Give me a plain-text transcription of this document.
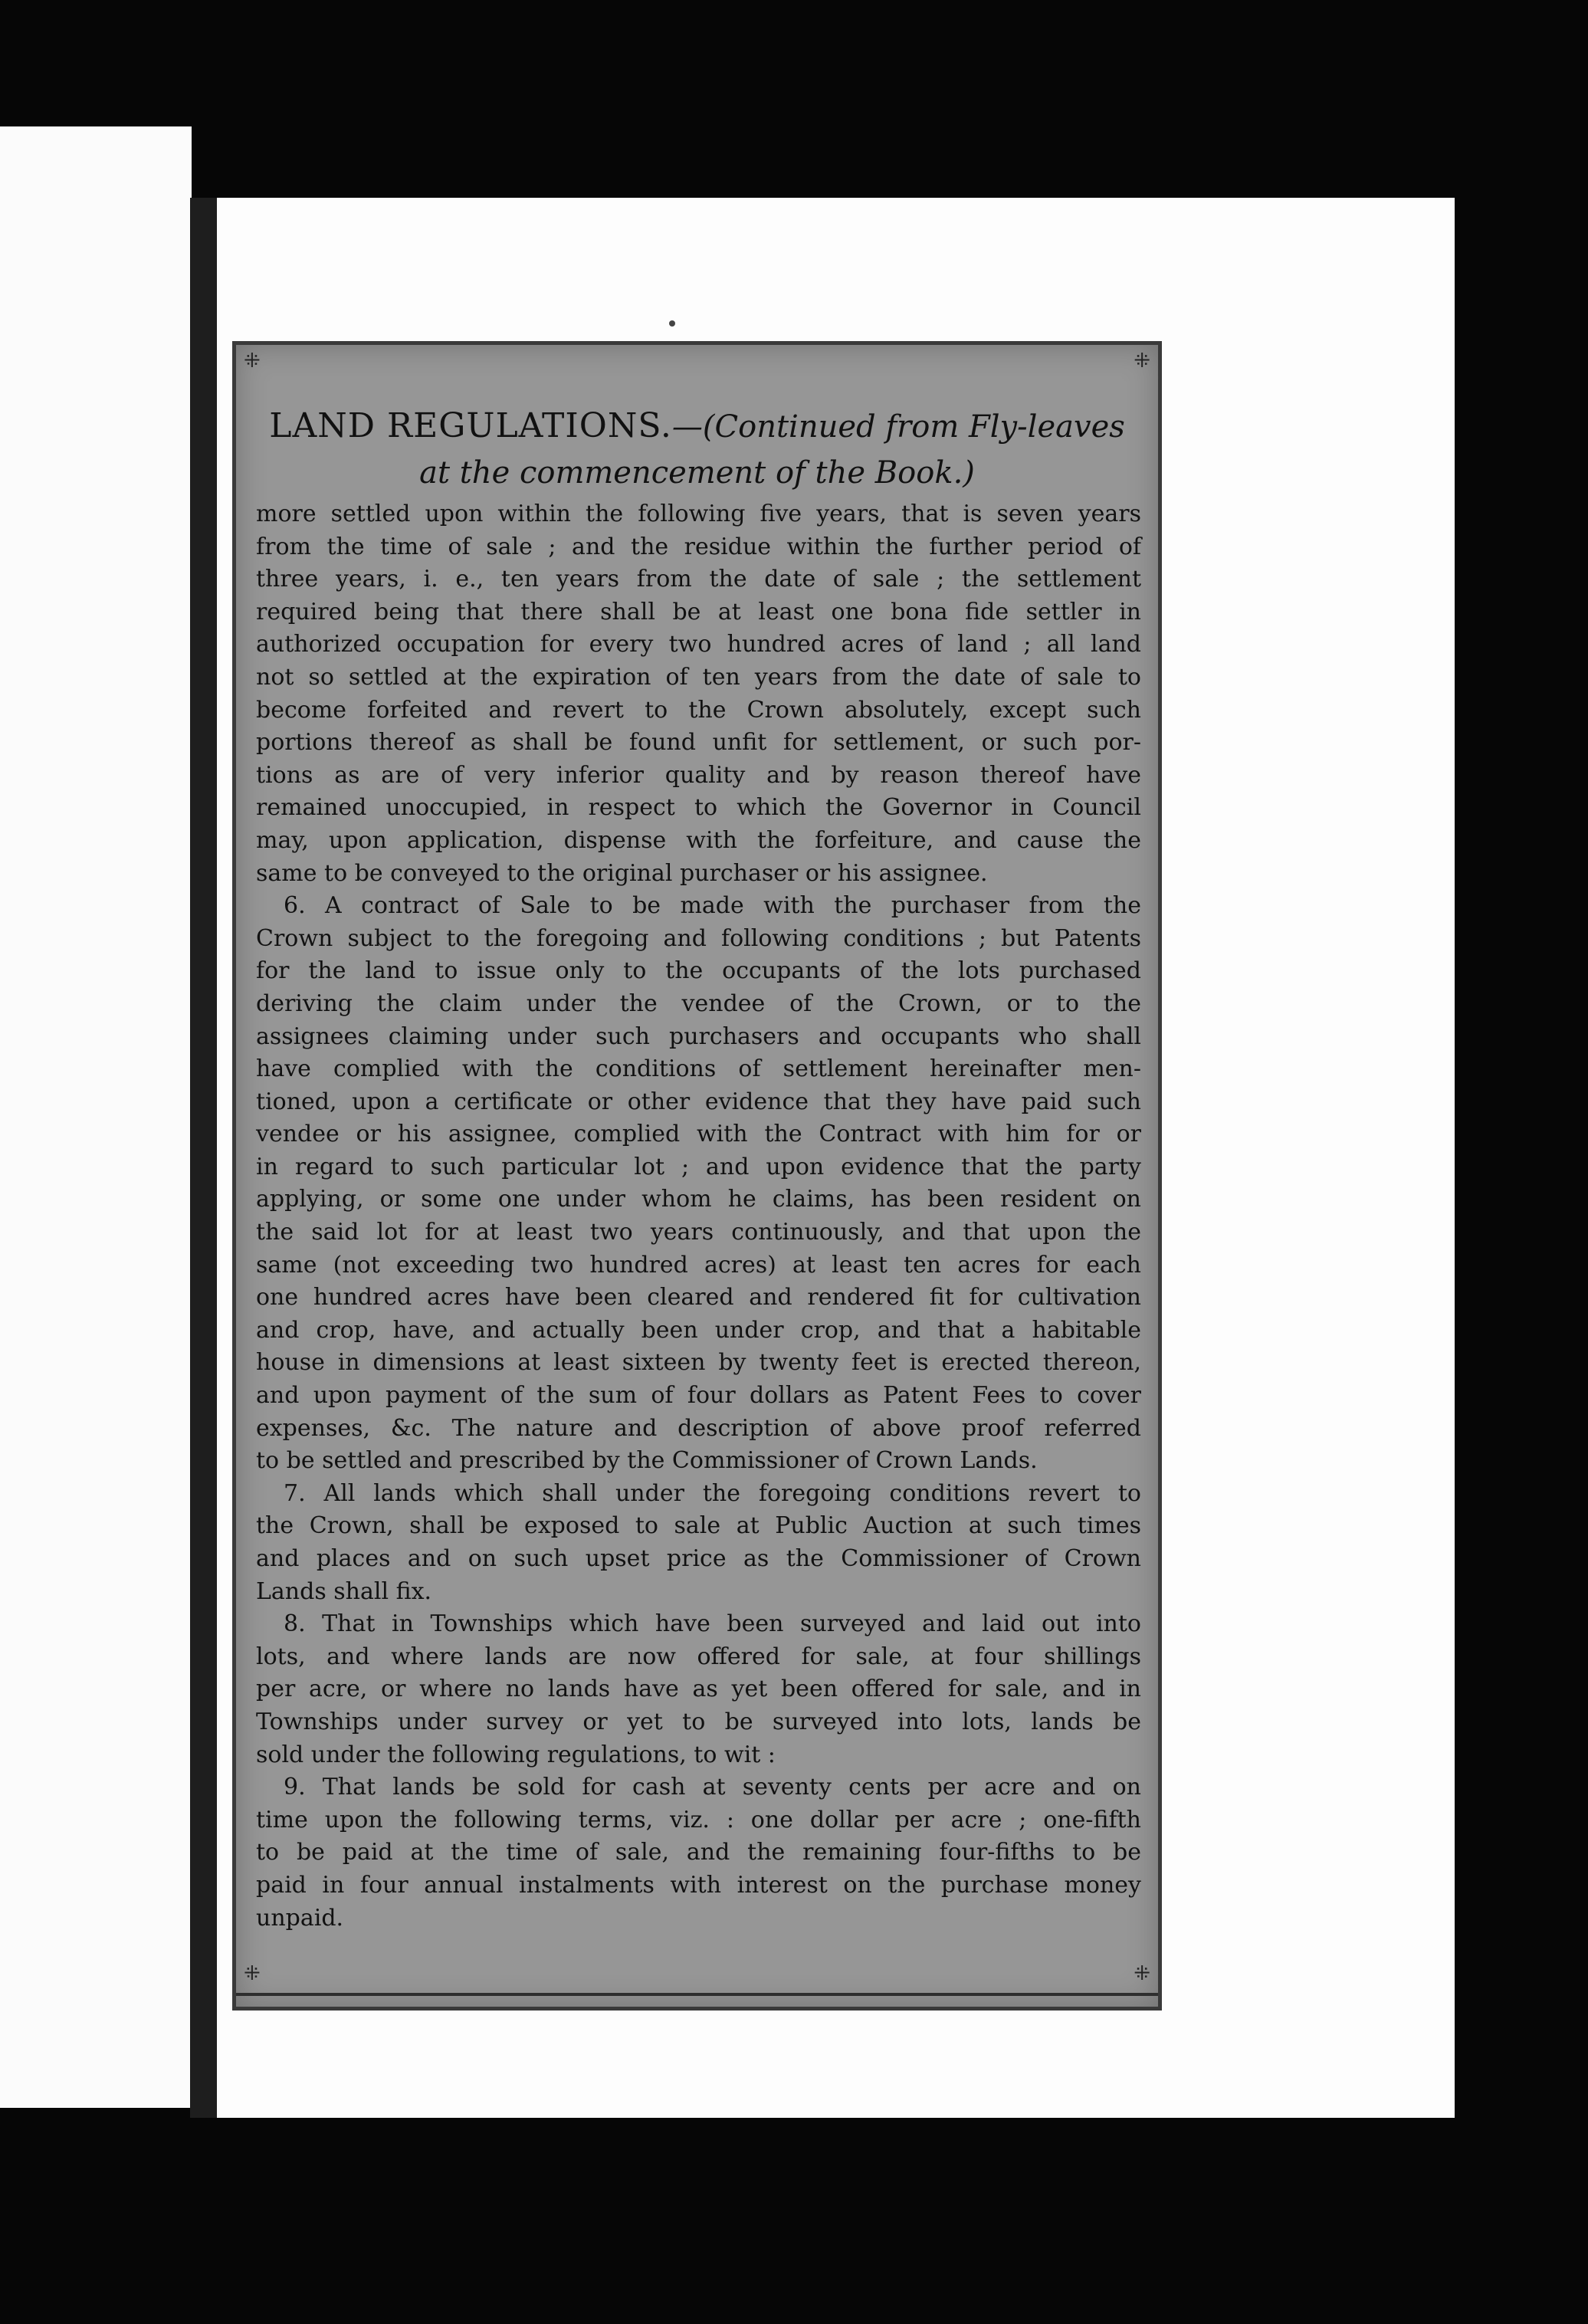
⁜	⁜
⁜	⁜
LAND REGULATIONS.—(Continued from Fly-leaves
at the commencement of the Book.)
more settled upon within the following five years, that is seven years
from the time of sale ; and the residue within the further period of
three years, i. e., ten years from the date of sale ; the settlement
required being that there shall be at least one bona fide settler in
authorized occupation for every two hundred acres of land ; all land
not so settled at the expiration of ten years from the date of sale to
become forfeited and revert to the Crown absolutely, except such
portions thereof as shall be found unfit for settlement, or such por-
tions as are of very inferior quality and by reason thereof have
remained unoccupied, in respect to which the Governor in Council
may, upon application, dispense with the forfeiture, and cause the
same to be conveyed to the original purchaser or his assignee.
6. A contract of Sale to be made with the purchaser from the
Crown subject to the foregoing and following conditions ; but Patents
for the land to issue only to the occupants of the lots purchased
deriving the claim under the vendee of the Crown, or to the
assignees claiming under such purchasers and occupants who shall
have complied with the conditions of settlement hereinafter men-
tioned, upon a certificate or other evidence that they have paid such
vendee or his assignee, complied with the Contract with him for or
in regard to such particular lot ; and upon evidence that the party
applying, or some one under whom he claims, has been resident on
the said lot for at least two years continuously, and that upon the
same (not exceeding two hundred acres) at least ten acres for each
one hundred acres have been cleared and rendered fit for cultivation
and crop, have, and actually been under crop, and that a habitable
house in dimensions at least sixteen by twenty feet is erected thereon,
and upon payment of the sum of four dollars as Patent Fees to cover
expenses, &c. The nature and description of above proof referred
to be settled and prescribed by the Commissioner of Crown Lands.
7. All lands which shall under the foregoing conditions revert to
the Crown, shall be exposed to sale at Public Auction at such times
and places and on such upset price as the Commissioner of Crown
Lands shall fix.
8. That in Townships which have been surveyed and laid out into
lots, and where lands are now offered for sale, at four shillings
per acre, or where no lands have as yet been offered for sale, and in
Townships under survey or yet to be surveyed into lots, lands be
sold under the following regulations, to wit :
9. That lands be sold for cash at seventy cents per acre and on
time upon the following terms, viz. : one dollar per acre ; one-fifth
to be paid at the time of sale, and the remaining four-fifths to be
paid in four annual instalments with interest on the purchase money
unpaid.
